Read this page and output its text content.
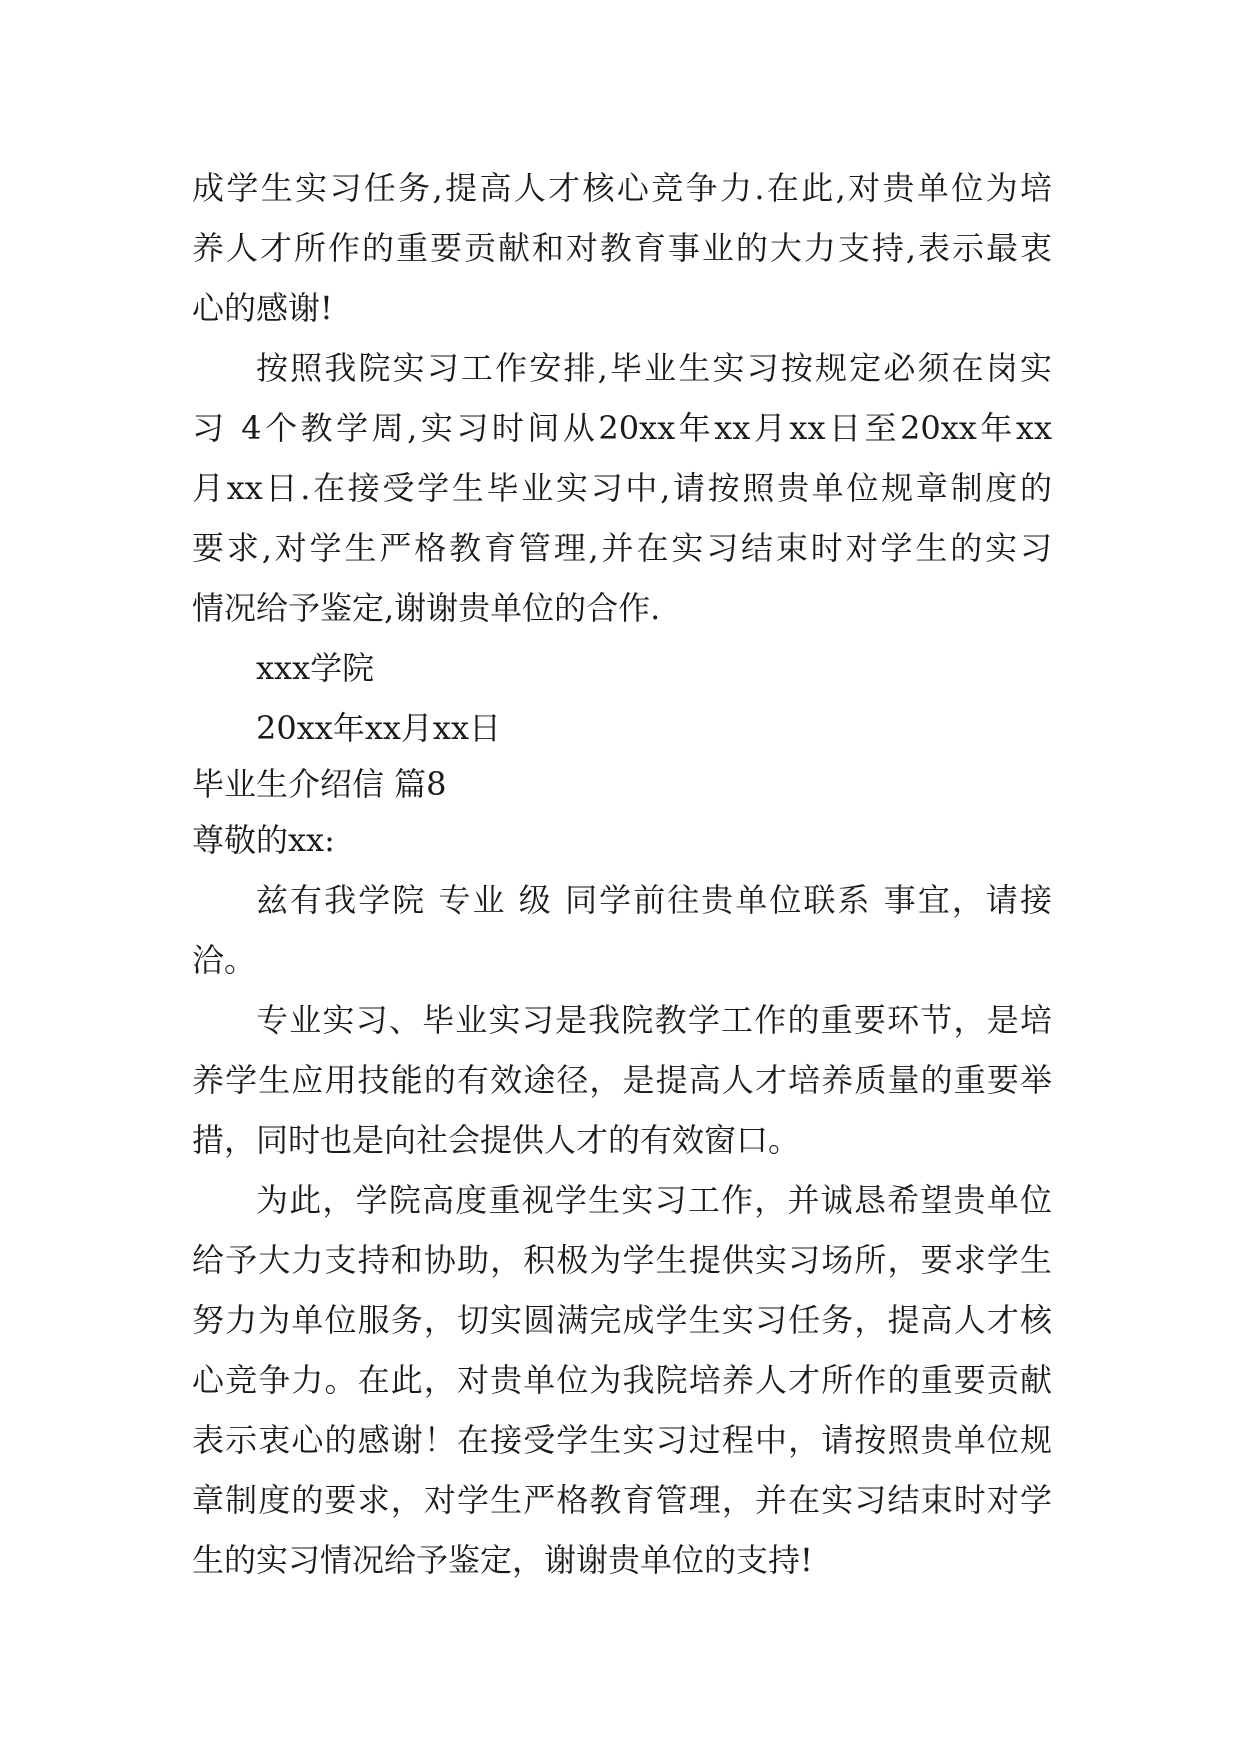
成学生实习任务,提高人才核心竞争力.在此,对贵单位为培
养人才所作的重要贡献和对教育事业的大力支持,表示最衷
心的感谢!
按照我院实习工作安排,毕业生实习按规定必须在岗实
习 4个教学周,实习时间从20xx年xx月xx日至20xx年xx
月xx日.在接受学生毕业实习中,请按照贵单位规章制度的
要求,对学生严格教育管理,并在实习结束时对学生的实习
情况给予鉴定,谢谢贵单位的合作.
xxx学院
20xx年xx月xx日
毕业生介绍信 篇8
尊敬的xx:
兹有我学院 专业 级 同学前往贵单位联系 事宜，请接
洽。
专业实习、毕业实习是我院教学工作的重要环节，是培
养学生应用技能的有效途径，是提高人才培养质量的重要举
措，同时也是向社会提供人才的有效窗口。
为此，学院高度重视学生实习工作，并诚恳希望贵单位
给予大力支持和协助，积极为学生提供实习场所，要求学生
努力为单位服务，切实圆满完成学生实习任务，提高人才核
心竞争力。在此，对贵单位为我院培养人才所作的重要贡献
表示衷心的感谢！在接受学生实习过程中，请按照贵单位规
章制度的要求，对学生严格教育管理，并在实习结束时对学
生的实习情况给予鉴定，谢谢贵单位的支持!
